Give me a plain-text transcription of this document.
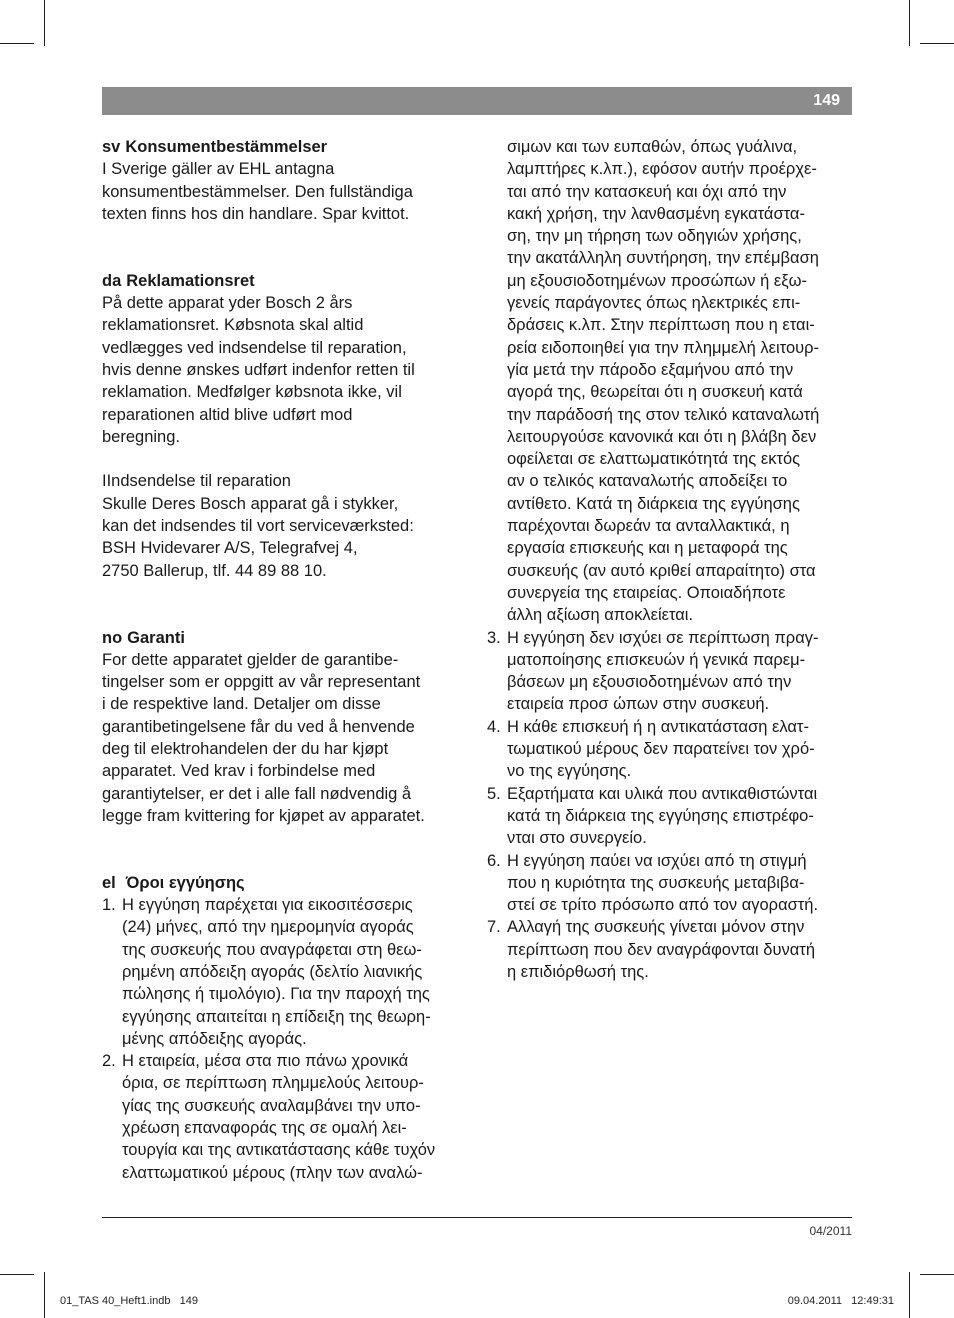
149

sv Konsumentbestämmelser

I Sverige gäller av EHL antagna

konsumentbestämmelser. Den fullständiga

texten finns hos din handlare. Spar kvittot.

da Reklamationsret

På dette apparat yder Bosch 2 års

reklamationsret. Købsnota skal altid

vedlægges ved indsendelse til reparation,

hvis denne ønskes udført indenfor retten til

reklamation. Medfølger købsnota ikke, vil

reparationen altid blive udført mod

beregning.

IIndsendelse til reparation

Skulle Deres Bosch apparat gå i stykker,

kan det indsendes til vort serviceværksted:

BSH Hvidevarer A/S, Telegrafvej 4,

2750 Ballerup, tlf. 44 89 88 10.

no Garanti

For dette apparatet gjelder de garantibe-

tingelser som er oppgitt av vår representant

i de respektive land. Detaljer om disse

garantibetingelsene får du ved å henvende

deg til elektrohandelen der du har kjøpt

apparatet. Ved krav i forbindelse med

garantiytelser, er det i alle fall nødvendig å

legge fram kvittering for kjøpet av apparatet.

el Όροι εγγύησης

1. Η εγγύηση παρέχεται για εικοσιτέσσερις
(24) μήνες, από την ημερομηνία αγοράς
της συσκευής που αναγράφεται στη θεω-
ρημένη απόδειξη αγοράς (δελτίο λιανικής
πώλησης ή τιμολόγιο). Για την παροχή της
εγγύησης απαιτείται η επίδειξη της θεωρη-
μένης απόδειξης αγοράς.
2. Η εταιρεία, μέσα στα πιο πάνω χρονικά
όρια, σε περίπτωση πλημμελούς λειτουρ-
γίας της συσκευής αναλαμβάνει την υπο-
χρέωση επαναφοράς της σε ομαλή λει-
τουργία και της αντικατάστασης κάθε τυχόν
ελαττωματικού μέρους (πλην των αναλώ-
σιμων και των ευπαθών, όπως γυάλινα,
λαμπτήρες κ.λπ.), εφόσον αυτήν προέρχε-
ται από την κατασκευή και όχι από την
κακή χρήση, την λανθασμένη εγκατάστα-
ση, την μη τήρηση των οδηγιών χρήσης,
την ακατάλληλη συντήρηση, την επέμβαση
μη εξουσιοδοτημένων προσώπων ή εξω-
γενείς παράγοντες όπως ηλεκτρικές επι-
δράσεις κ.λπ. Στην περίπτωση που η εται-
ρεία ειδοποιηθεί για την πλημμελή λειτουρ-
γία μετά την πάροδο εξαμήνου από την
αγορά της, θεωρείται ότι η συσκευή κατά
την παράδοσή της στον τελικό καταναλωτή
λειτουργούσε κανονικά και ότι η βλάβη δεν
οφείλεται σε ελαττωματικότητά της εκτός
αν ο τελικός καταναλωτής αποδείξει το
αντίθετο. Κατά τη διάρκεια της εγγύησης
παρέχονται δωρεάν τα ανταλλακτικά, η
εργασία επισκευής και η μεταφορά της
συσκευής (αν αυτό κριθεί απαραίτητο) στα
συνεργεία της εταιρείας. Οποιαδήποτε
άλλη αξίωση αποκλείεται.
3. Η εγγύηση δεν ισχύει σε περίπτωση πραγ-
ματοποίησης επισκευών ή γενικά παρεμ-
βάσεων μη εξουσιοδοτημένων από την
εταιρεία προσ ώπων στην συσκευή.
4. Η κάθε επισκευή ή η αντικατάσταση ελατ-
τωματικού μέρους δεν παρατείνει τον χρό-
νο της εγγύησης.
5. Εξαρτήματα και υλικά που αντικαθιστώνται
κατά τη διάρκεια της εγγύησης επιστρέφο-
νται στο συνεργείο.
6. Η εγγύηση παύει να ισχύει από τη στιγμή
που η κυριότητα της συσκευής μεταβιβα-
στεί σε τρίτο πρόσωπο από τον αγοραστή.
7. Αλλαγή της συσκευής γίνεται μόνον στην
περίπτωση που δεν αναγράφονται δυνατή
η επιδιόρθωσή της.
04/2011
01_TAS 40_Heft1.indb   149	09.04.2011   12:49:31
